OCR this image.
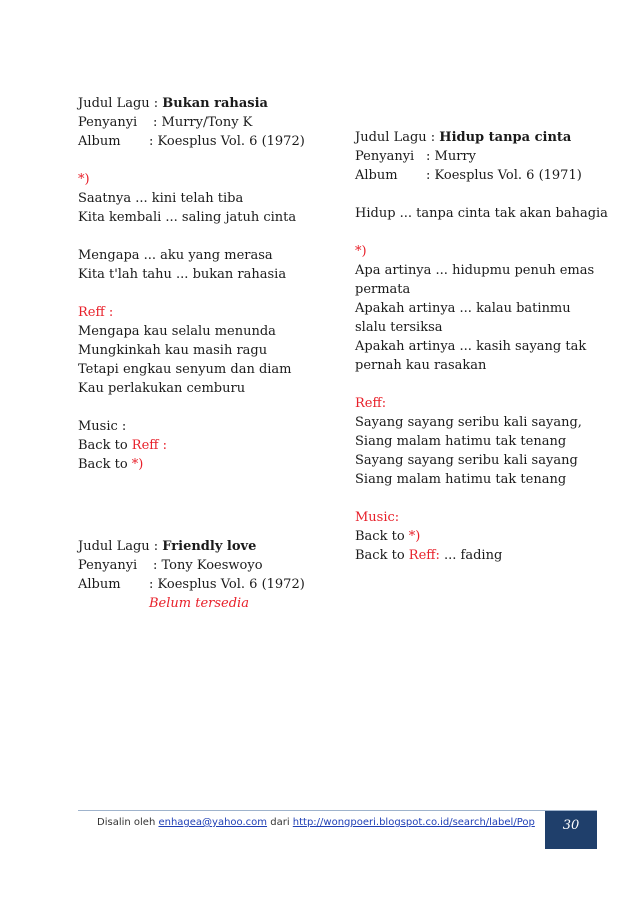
Judul Lagu : Bukan rahasia
Penyanyi : Murry/Tony K
Album : Koesplus Vol. 6 (1972)
*)
Saatnya ... kini telah tiba
Kita kembali ... saling jatuh cinta
Mengapa ... aku yang merasa
Kita t'lah tahu ... bukan rahasia
Reff :
Mengapa kau selalu menunda
Mungkinkah kau masih ragu
Tetapi engkau senyum dan diam
Kau perlakukan cemburu
Music :
Back to Reff :
Back to *)
Judul Lagu : Friendly love
Penyanyi : Tony Koeswoyo
Album : Koesplus Vol. 6 (1972)
Belum tersedia
Judul Lagu : Hidup tanpa cinta
Penyanyi : Murry
Album : Koesplus Vol. 6 (1971)
Hidup ... tanpa cinta tak akan bahagia
*)
Apa artinya ... hidupmu penuh emas
permata
Apakah artinya ... kalau batinmu
slalu tersiksa
Apakah artinya ... kasih sayang tak
pernah kau rasakan
Reff:
Sayang sayang seribu kali sayang,
Siang malam hatimu tak tenang
Sayang sayang seribu kali sayang
Siang malam hatimu tak tenang
Music:
Back to *)
Back to Reff: ... fading
Disalin oleh enhagea@yahoo.com dari http://wongpoeri.blogspot.co.id/search/label/Pop	30
